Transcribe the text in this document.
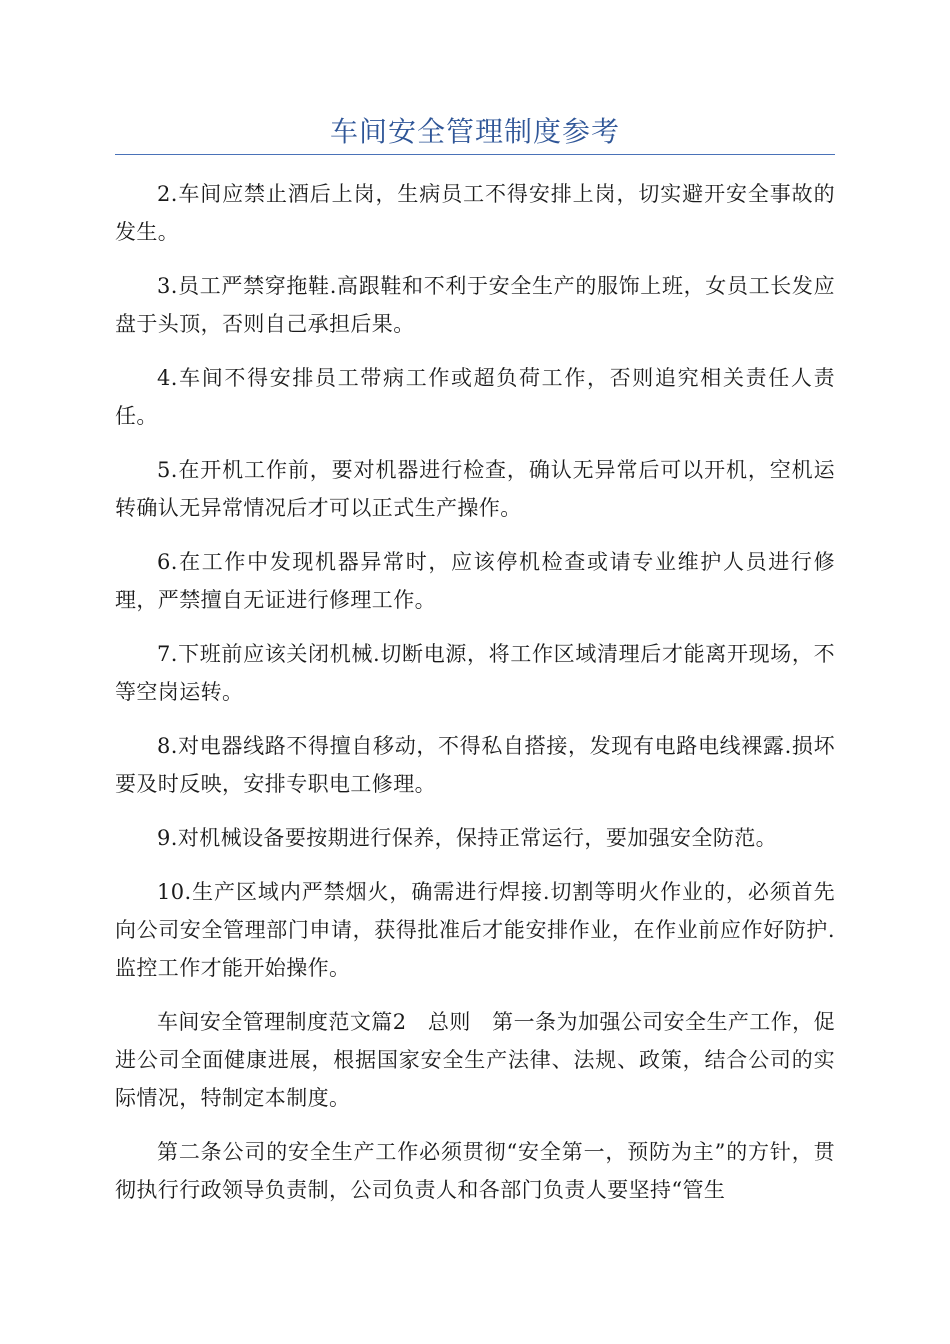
车间安全管理制度参考

2.车间应禁止酒后上岗，生病员工不得安排上岗，切实避开安全事故的发生。

3.员工严禁穿拖鞋.高跟鞋和不利于安全生产的服饰上班，女员工长发应盘于头顶，否则自己承担后果。

4.车间不得安排员工带病工作或超负荷工作，否则追究相关责任人责任。

5.在开机工作前，要对机器进行检查，确认无异常后可以开机，空机运转确认无异常情况后才可以正式生产操作。

6.在工作中发现机器异常时，应该停机检查或请专业维护人员进行修理，严禁擅自无证进行修理工作。

7.下班前应该关闭机械.切断电源，将工作区域清理后才能离开现场，不等空岗运转。

8.对电器线路不得擅自移动，不得私自搭接，发现有电路电线裸露.损坏要及时反映，安排专职电工修理。

9.对机械设备要按期进行保养，保持正常运行，要加强安全防范。

10.生产区域内严禁烟火，确需进行焊接.切割等明火作业的，必须首先向公司安全管理部门申请，获得批准后才能安排作业，在作业前应作好防护.监控工作才能开始操作。

车间安全管理制度范文篇2　总则　第一条为加强公司安全生产工作，促进公司全面健康进展，根据国家安全生产法律、法规、政策，结合公司的实际情况，特制定本制度。

第二条公司的安全生产工作必须贯彻“安全第一，预防为主”的方针，贯彻执行行政领导负责制，公司负责人和各部门负责人要坚持“管生
